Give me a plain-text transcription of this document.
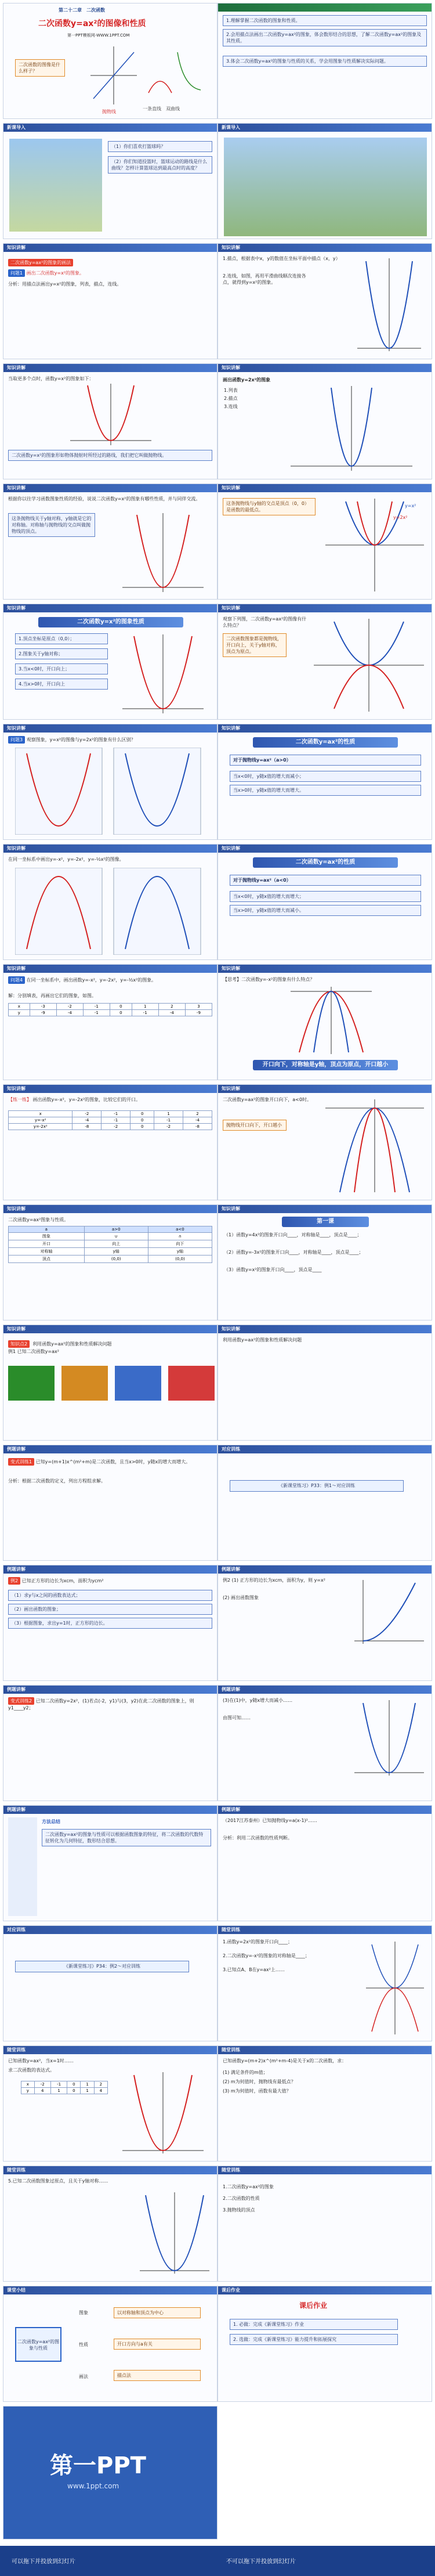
第二十二章　二次函数
二次函数y=ax²的图像和性质
第一PPT模板网-WWW.1PPT.COM
二次函数的图像是什么样子？
一条直线 双曲线
抛物线
1.理解掌握二次函数的图象和性质。
2.会用描点法画出二次函数y=ax²的图象，体会数形结合的思想，了解二次函数y=ax²的图象及其性质。
3.体会二次函数y=ax²的图象与性质的关系，学会用图象与性质解决实际问题。
新课导入
（1）你们喜欢打篮球吗？
（2）你们知道投篮时，篮球运动的路线是什么曲线？怎样计算篮球达到最高点时的高度？
新课导入
知识讲解
二次函数y=ax²的图象的画法
问题1 画出二次函数y=x²的图象。
分析：用描点法画出y=x²的图象，列表，描点，连线。
知识讲解
1.描点，根据表中x，y的数值在坐标平面中描点（x，y）
2.连线，如图，再用平滑曲线顺次连接各点，就得到y=x²的图象。
知识讲解
当取更多个点时，函数y=x²的图象如下：
二次函数y=x²的图象形如物体抛射时所经过的路线，我们把它叫做抛物线。
知识讲解
画出函数y=2x²的图象
1.列表
2.描点
3.连线
知识讲解
根据你以往学习函数图象性质的经验，说说二次函数y=x²的图象有哪些性质，并与同伴交流。
这条抛物线关于y轴对称，y轴就是它的对称轴。对称轴与抛物线的交点叫做抛物线的顶点。
知识讲解
这条抛物线与y轴的交点是顶点（0，0）是函数的最低点。
y=x²
y=2x²
知识讲解
二次函数y=x²的图象性质
1.顶点坐标是原点（0,0）；
2.图象关于y轴对称；
3.当x<0时，开口向上；
4.当x>0时，开口向上
知识讲解
观察下列图，二次函数y=ax²的图像有什么特点？
二次函数图象都是抛物线，开口向上，关于y轴对称，顶点为原点。
知识讲解
问题3 观察图象，y=x²的图像与y=2x²的图象有什么区别？
知识讲解
二次函数y=ax²的性质
对于抛物线y=ax²（a>0）
当x<0时，y随x值的增大而减小；
当x>0时，y随x值的增大而增大。
知识讲解
在同一坐标系中画出y=-x²，y=-2x²，y=-½x²的图像。
知识讲解
二次函数y=ax²的性质
对于抛物线y=ax²（a<0）
当x<0时，y随x值的增大而增大；
当x>0时，y随x值的增大而减小。
知识讲解
问题4 在同一坐标系中，画出函数y=-x²，y=-2x²，y=-½x²的图象。
解：分别填表，再画出它们的图象，如图。
x	-3	-2	-1	0	1	2	3
y	-9	-4	-1	0	-1	-4	-9
知识讲解
【思考】二次函数y=-x²的图象有什么特点？
开口向下，对称轴是y轴，顶点为原点，开口越小
知识讲解
【练一练】 画出函数y=-x²，y=-2x²的图象，比较它们的开口。
x	-2	-1	0	1	2
y=-x²	-4	-1	0	-1	-4
y=-2x²	-8	-2	0	-2	-8
知识讲解
二次函数y=ax²的图象开口向下，a<0时。
抛物线开口向下，开口越小
知识讲解
二次函数y=ax²图象与性质。
a	a>0	a<0
图象	∪	∩
开口	向上	向下
对称轴	y轴	y轴
顶点	(0,0)	(0,0)
知识讲解
第一课
（1）函数y=4x²的图象开口向____，对称轴是____，顶点是____；
（2）函数y=-3x²的图象开口向____，对称轴是____，顶点是____；
（3）函数y=x²的图象开口向____，顶点是____
知识讲解
知识点2 利用函数y=ax²的图象和性质解决问题
例1 已知二次函数y=ax²
知识讲解
利用函数y=ax²的图象和性质解决问题
例题讲解
变式训练1 已知y=(m+1)x^(m²+m)是二次函数，且当x>0时，y随x的增大而增大。
分析：根据二次函数的定义，列出方程组求解。
对应训练
《新课堂练习》P33：例1～对应训练
例题讲解
例2 已知正方形的边长为xcm，面积为ycm²
（1）求y与x之间的函数表达式；
（2）画出函数的图象；
（3）根据图象，求出y=1时，正方形的边长。
例题讲解
例2 (1) 正方形的边长为xcm，面积为y，则 y=x²
(2) 画出函数图象
例题讲解
变式训练2 已知二次函数y=2x²，(1)若点(-2，y1)与(3，y2)在此二次函数的图象上，则y1____y2；
例题讲解
(3)在(1)中，y随x增大而减小……
由图可知……
例题讲解
方法总结
二次函数y=ax²的图象与性质可以根据函数图象的特征，将二次函数的代数特征转化为几何特征，数形结合思想。
例题讲解
（2017江苏泰州）已知抛物线y=a(x-1)²……
分析：利用二次函数的性质判断。
对应训练
《新课堂练习》P34：例2～对应训练
随堂训练
1.函数y=2x²的图象开口向____；
2.二次函数y=-x²的图象的对称轴是____；
3.已知点A、B在y=ax²上……
随堂训练
已知函数y=ax²，当x=1时……
求二次函数的表达式。
x	-2	-1	0	1	2
y	4	1	0	1	4
随堂训练
已知函数y=(m+2)x^(m²+m-4)是关于x的二次函数，求：
(1) 满足条件的m值；
(2) m为何值时，抛物线有最低点？
(3) m为何值时，函数有最大值？
随堂训练
5.已知二次函数图象过原点，且关于y轴对称……
随堂训练
1.二次函数y=ax²的图象
2.二次函数的性质
3.抛物线的顶点
课堂小结
二次函数y=ax²的图象与性质
图象
性质
画法
以对称轴和顶点为中心
开口方向与a有关
描点法
课后作业
课后作业
1. 必做：完成《新课堂练习》作业
2. 选做：完成《新课堂练习》能力提升和拓展探究
第一PPT
www.1ppt.com
可以拖下并投放到幻灯片	不可以拖下并投放到幻灯片
